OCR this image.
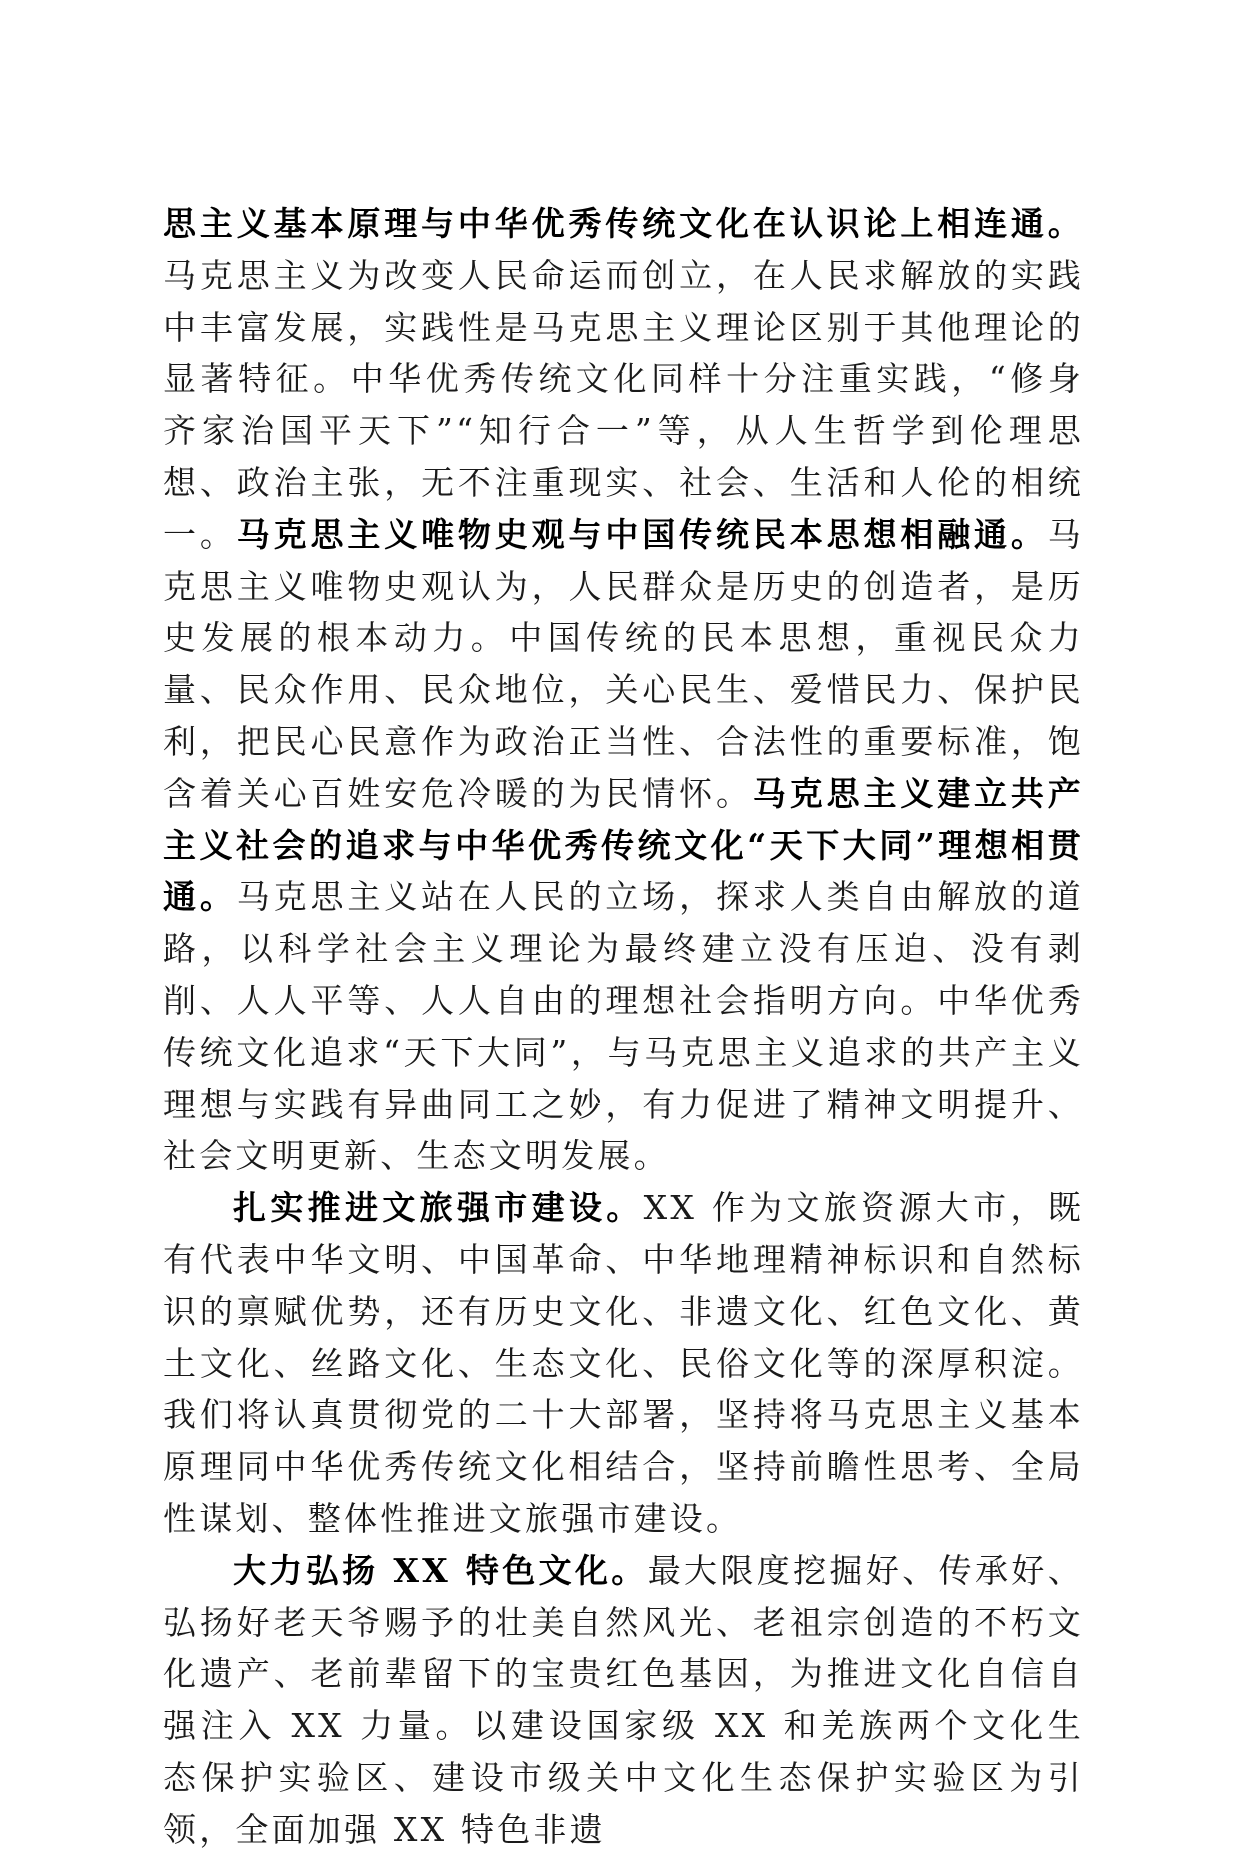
思主义基本原理与中华优秀传统文化在认识论上相连通。马克思主义为改变人民命运而创立，在人民求解放的实践中丰富发展，实践性是马克思主义理论区别于其他理论的显著特征。中华优秀传统文化同样十分注重实践，“修身齐家治国平天下”“知行合一”等，从人生哲学到伦理思想、政治主张，无不注重现实、社会、生活和人伦的相统一。马克思主义唯物史观与中国传统民本思想相融通。马克思主义唯物史观认为，人民群众是历史的创造者，是历史发展的根本动力。中国传统的民本思想，重视民众力量、民众作用、民众地位，关心民生、爱惜民力、保护民利，把民心民意作为政治正当性、合法性的重要标准，饱含着关心百姓安危冷暖的为民情怀。马克思主义建立共产主义社会的追求与中华优秀传统文化“天下大同”理想相贯通。马克思主义站在人民的立场，探求人类自由解放的道路，以科学社会主义理论为最终建立没有压迫、没有剥削、人人平等、人人自由的理想社会指明方向。中华优秀传统文化追求“天下大同”，与马克思主义追求的共产主义理想与实践有异曲同工之妙，有力促进了精神文明提升、社会文明更新、生态文明发展。

扎实推进文旅强市建设。XX 作为文旅资源大市，既有代表中华文明、中国革命、中华地理精神标识和自然标识的禀赋优势，还有历史文化、非遗文化、红色文化、黄土文化、丝路文化、生态文化、民俗文化等的深厚积淀。我们将认真贯彻党的二十大部署，坚持将马克思主义基本原理同中华优秀传统文化相结合，坚持前瞻性思考、全局性谋划、整体性推进文旅强市建设。

大力弘扬 XX 特色文化。最大限度挖掘好、传承好、弘扬好老天爷赐予的壮美自然风光、老祖宗创造的不朽文化遗产、老前辈留下的宝贵红色基因，为推进文化自信自强注入 XX 力量。以建设国家级 XX 和羌族两个文化生态保护实验区、建设市级关中文化生态保护实验区为引领，全面加强 XX 特色非遗
